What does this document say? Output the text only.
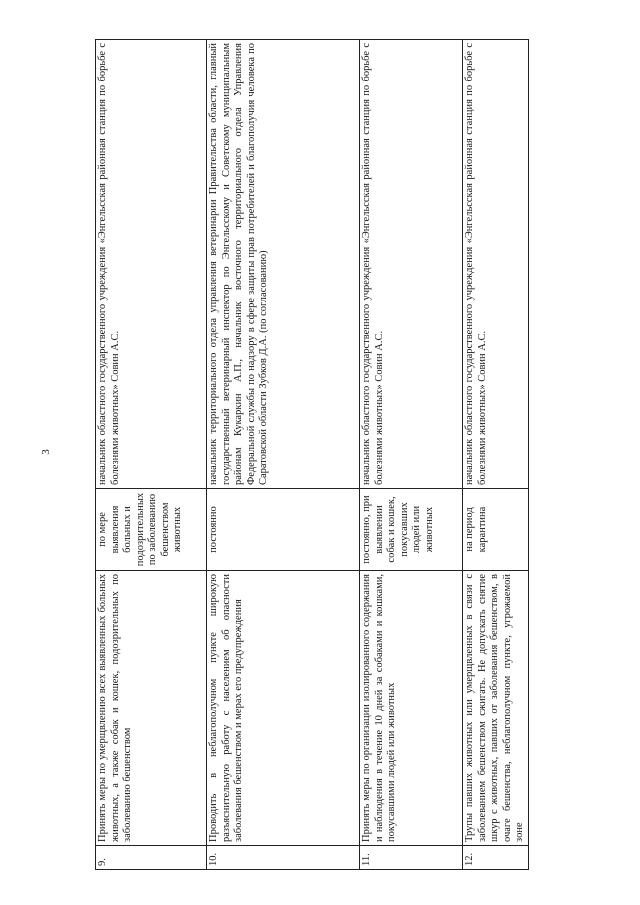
3
9.	Принять меры по умерщвлению всех выявленных больных животных, а также собак и кошек, подозрительных по заболеванию бешенством	по мере выявления больных и подозрительных по заболеванию бешенством животных	начальник областного государственного учреждения «Энгельсская районная станция по борьбе с болезнями животных» Совин А.С.
10.	Проводить в неблагополучном пункте широкую разъяснительную работу с населением об опасности заболевания бешенством и мерах его предупреждения	постоянно	начальник территориального отдела управления ветеринарии Правительства области, главный государственный ветеринарный инспектор по Энгельсскому и Советскому муниципальным районам Кукаркин А.П., начальник восточного территориального отдела Управления Федеральной службы по надзору в сфере защиты прав потребителей и благополучия человека по Саратовской области Зубков Д.А. (по согласованию)
11.	Принять меры по организации изолированного содержания и наблюдения в течение 10 дней за собаками и кошками, покусавшими людей или животных	постоянно, при выявлении собак и кошек, покусавших людей или животных	начальник областного государственного учреждения «Энгельсская районная станция по борьбе с болезнями животных» Совин А.С.
12.	Трупы павших животных или умерщвленных в связи с заболеванием бешенством сжигать. Не допускать снятие шкур с животных, павших от заболевания бешенством, в очаге бешенства, неблагополучном пункте, угрожаемой зоне	на период карантина	начальник областного государственного учреждения «Энгельсская районная станция по борьбе с болезнями животных» Совин А.С.
